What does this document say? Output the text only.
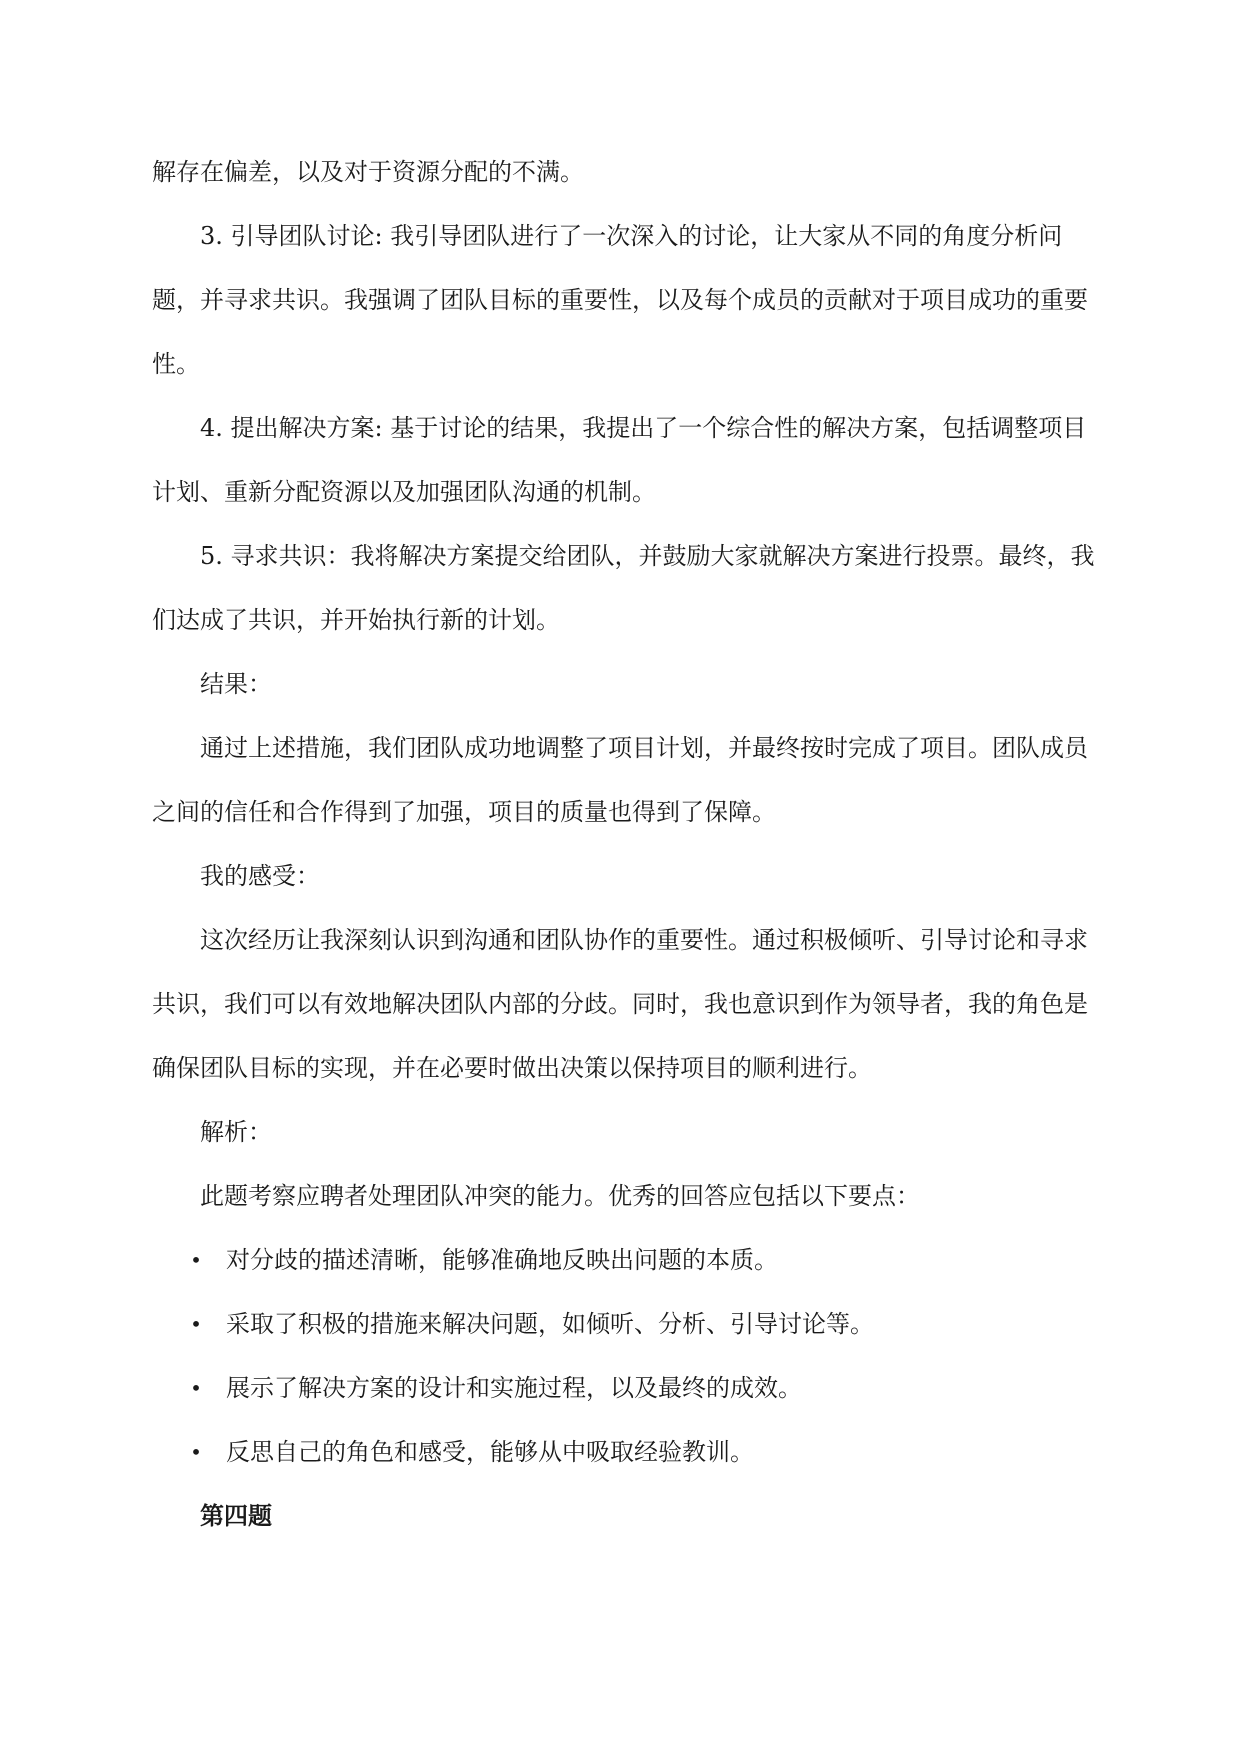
解存在偏差，以及对于资源分配的不满。

3. 引导团队讨论: 我引导团队进行了一次深入的讨论，让大家从不同的角度分析问题，并寻求共识。我强调了团队目标的重要性，以及每个成员的贡献对于项目成功的重要性。

4. 提出解决方案: 基于讨论的结果，我提出了一个综合性的解决方案，包括调整项目计划、重新分配资源以及加强团队沟通的机制。

5. 寻求共识：我将解决方案提交给团队，并鼓励大家就解决方案进行投票。最终，我们达成了共识，并开始执行新的计划。

结果：

通过上述措施，我们团队成功地调整了项目计划，并最终按时完成了项目。团队成员之间的信任和合作得到了加强，项目的质量也得到了保障。

我的感受：

这次经历让我深刻认识到沟通和团队协作的重要性。通过积极倾听、引导讨论和寻求共识，我们可以有效地解决团队内部的分歧。同时，我也意识到作为领导者，我的角色是确保团队目标的实现，并在必要时做出决策以保持项目的顺利进行。

解析：

此题考察应聘者处理团队冲突的能力。优秀的回答应包括以下要点：

• 对分歧的描述清晰，能够准确地反映出问题的本质。
• 采取了积极的措施来解决问题，如倾听、分析、引导讨论等。
• 展示了解决方案的设计和实施过程，以及最终的成效。
• 反思自己的角色和感受，能够从中吸取经验教训。

第四题
